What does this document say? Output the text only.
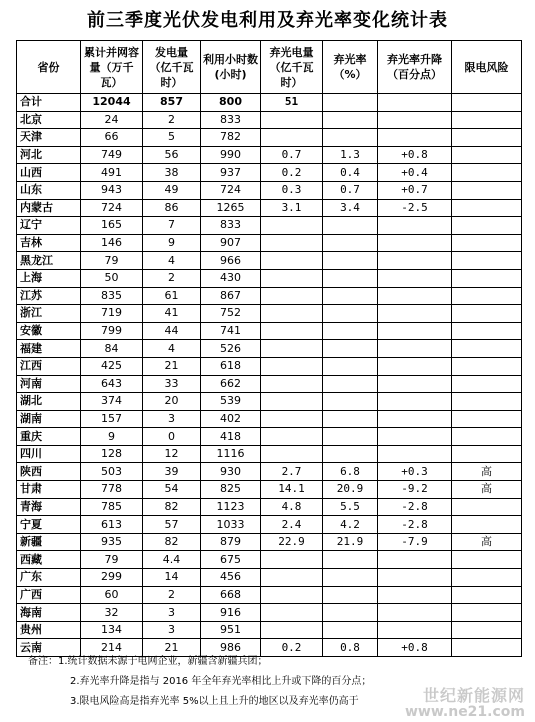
前三季度光伏发电利用及弃光率变化统计表
省份	累计并网容量（万千瓦）	发电量（亿千瓦时）	利用小时数(小时)	弃光电量（亿千瓦时）	弃光率（%）	弃光率升降（百分点）	限电风险
合计	12044	857	800	51			
北京	24	2	833				
天津	66	5	782				
河北	749	56	990	0.7	1.3	+0.8	
山西	491	38	937	0.2	0.4	+0.4	
山东	943	49	724	0.3	0.7	+0.7	
内蒙古	724	86	1265	3.1	3.4	-2.5	
辽宁	165	7	833				
吉林	146	9	907				
黑龙江	79	4	966				
上海	50	2	430				
江苏	835	61	867				
浙江	719	41	752				
安徽	799	44	741				
福建	84	4	526				
江西	425	21	618				
河南	643	33	662				
湖北	374	20	539				
湖南	157	3	402				
重庆	9	0	418				
四川	128	12	1116				
陕西	503	39	930	2.7	6.8	+0.3	高
甘肃	778	54	825	14.1	20.9	-9.2	高
青海	785	82	1123	4.8	5.5	-2.8	
宁夏	613	57	1033	2.4	4.2	-2.8	
新疆	935	82	879	22.9	21.9	-7.9	高
西藏	79	4.4	675				
广东	299	14	456				
广西	60	2	668				
海南	32	3	916				
贵州	134	3	951				
云南	214	21	986	0.2	0.8	+0.8	
备注：1.统计数据未源于电网企业，新疆含新疆兵团；
2.弃光率升降是指与 2016 年全年弃光率相比上升或下降的百分点；
3.限电风险高是指弃光率 5%以上且上升的地区以及弃光率仍高于	世纪新能源网
www.ne21.com
